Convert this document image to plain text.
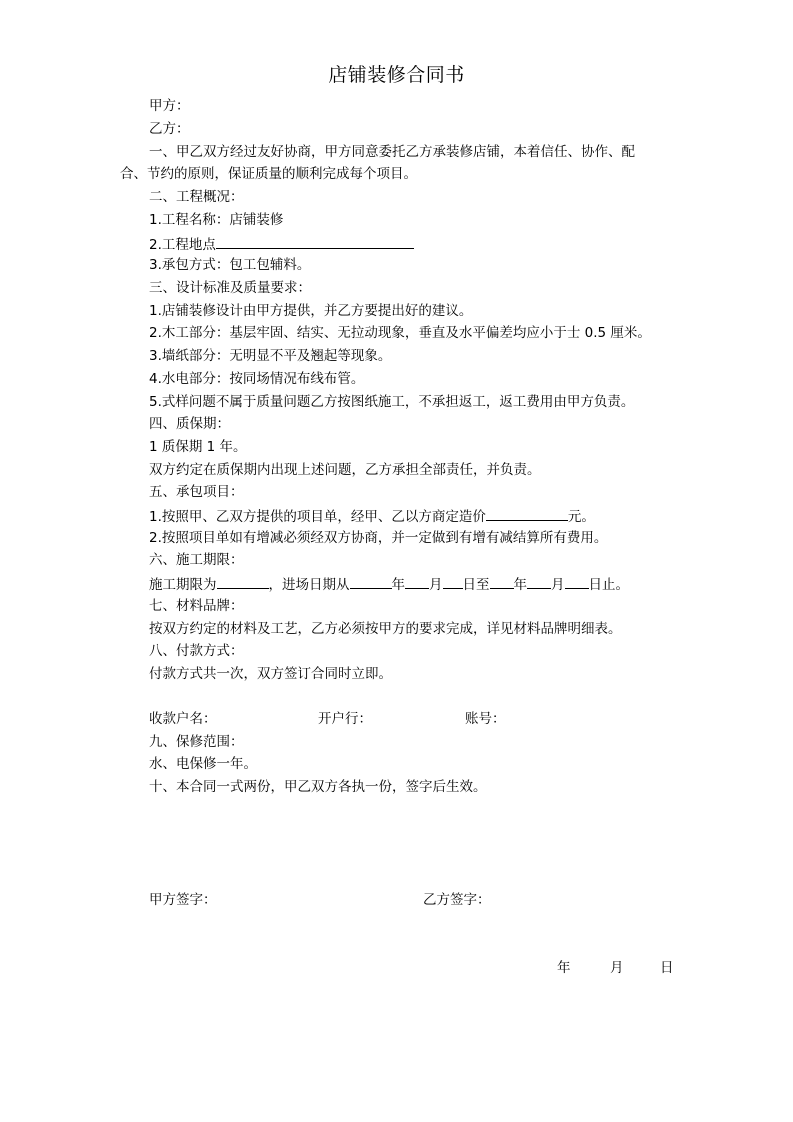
店铺装修合同书
甲方：
乙方：
一、甲乙双方经过友好协商，甲方同意委托乙方承装修店铺，本着信任、协作、配
合、节约的原则，保证质量的顺利完成每个项目。
二、工程概况：
1.工程名称：店铺装修
2.工程地点
3.承包方式：包工包辅料。
三、设计标准及质量要求：
1.店铺装修设计由甲方提供，并乙方要提出好的建议。
2.木工部分：基层牢固、结实、无拉动现象，垂直及水平偏差均应小于士 0.5 厘米。
3.墙纸部分：无明显不平及翘起等现象。
4.水电部分：按同场情况布线布管。
5.式样问题不属于质量问题乙方按图纸施工，不承担返工，返工费用由甲方负责。
四、质保期：
1 质保期 1 年。
双方约定在质保期内出现上述问题，乙方承担全部责任，并负责。
五、承包项目：
1.按照甲、乙双方提供的项目单，经甲、乙以方商定造价	元。
2.按照项目单如有增减必须经双方协商，并一定做到有增有减结算所有费用。
六、施工期限：
施工期限为	，进场日期从	年 月 日至 年 月 日止。
七、材料品牌：
按双方约定的材料及工艺，乙方必须按甲方的要求完成，详见材料品牌明细表。
八、付款方式：
付款方式共一次，双方签订合同时立即。
收款户名：	开户行：	账号：
九、保修范围：
水、电保修一年。
十、本合同一式两份，甲乙双方各执一份，签字后生效。
甲方签字：	乙方签字：
年	月	日
